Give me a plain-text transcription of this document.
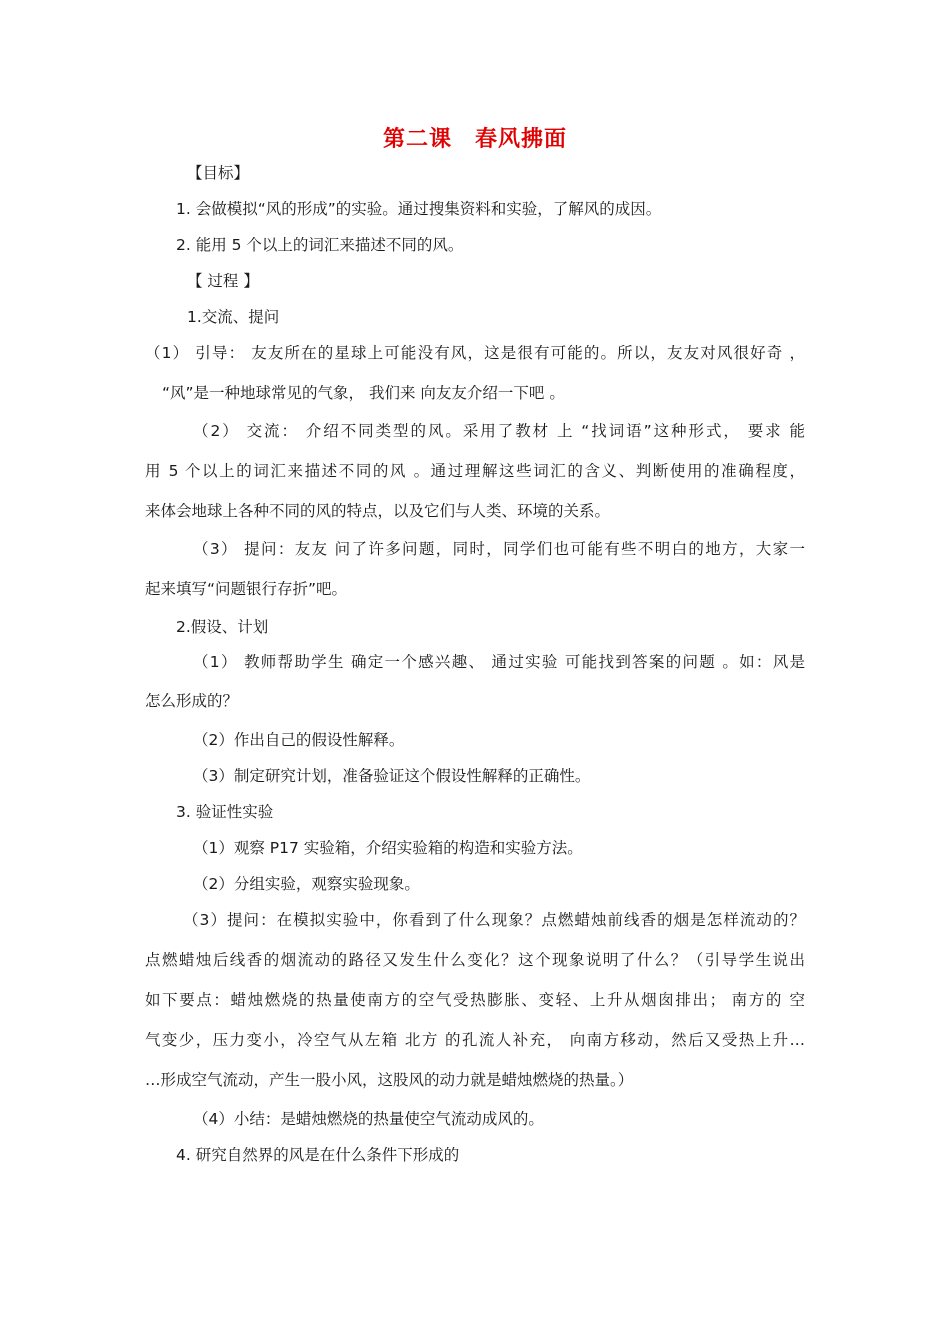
第二课　春风拂面
【目标】
1. 会做模拟“风的形成”的实验。通过搜集资料和实验，了解风的成因。
2. 能用 5 个以上的词汇来描述不同的风。
【 过程 】
1.交流、提问
（1） 引导： 友友所在的星球上可能没有风，这是很有可能的。所以，友友对风很好奇 ，
“风”是一种地球常见的气象， 我们来 向友友介绍一下吧 。
（2） 交流： 介绍不同类型的风。采用了教材 上 “找词语”这种形式， 要求 能
用 5 个以上的词汇来描述不同的风 。通过理解这些词汇的含义、判断使用的准确程度，
来体会地球上各种不同的风的特点，以及它们与人类、环境的关系。
（3） 提问：友友 问了许多问题，同时，同学们也可能有些不明白的地方，大家一
起来填写“问题银行存折”吧。
2.假设、计划
（1） 教师帮助学生 确定一个感兴趣、 通过实验 可能找到答案的问题 。如：风是
怎么形成的？
（2）作出自己的假设性解释。
（3）制定研究计划，准备验证这个假设性解释的正确性。
3. 验证性实验
（1）观察 P17 实验箱，介绍实验箱的构造和实验方法。
（2）分组实验，观察实验现象。
（3）提问：在模拟实验中，你看到了什么现象？点燃蜡烛前线香的烟是怎样流动的？
点燃蜡烛后线香的烟流动的路径又发生什么变化？这个现象说明了什么？（引导学生说出
如下要点：蜡烛燃烧的热量使南方的空气受热膨胀、变轻、上升从烟囱排出； 南方的 空
气变少，压力变小，冷空气从左箱 北方 的孔流人补充， 向南方移动，然后又受热上升…
…形成空气流动，产生一股小风，这股风的动力就是蜡烛燃烧的热量。）
（4）小结：是蜡烛燃烧的热量使空气流动成风的。
4. 研究自然界的风是在什么条件下形成的
